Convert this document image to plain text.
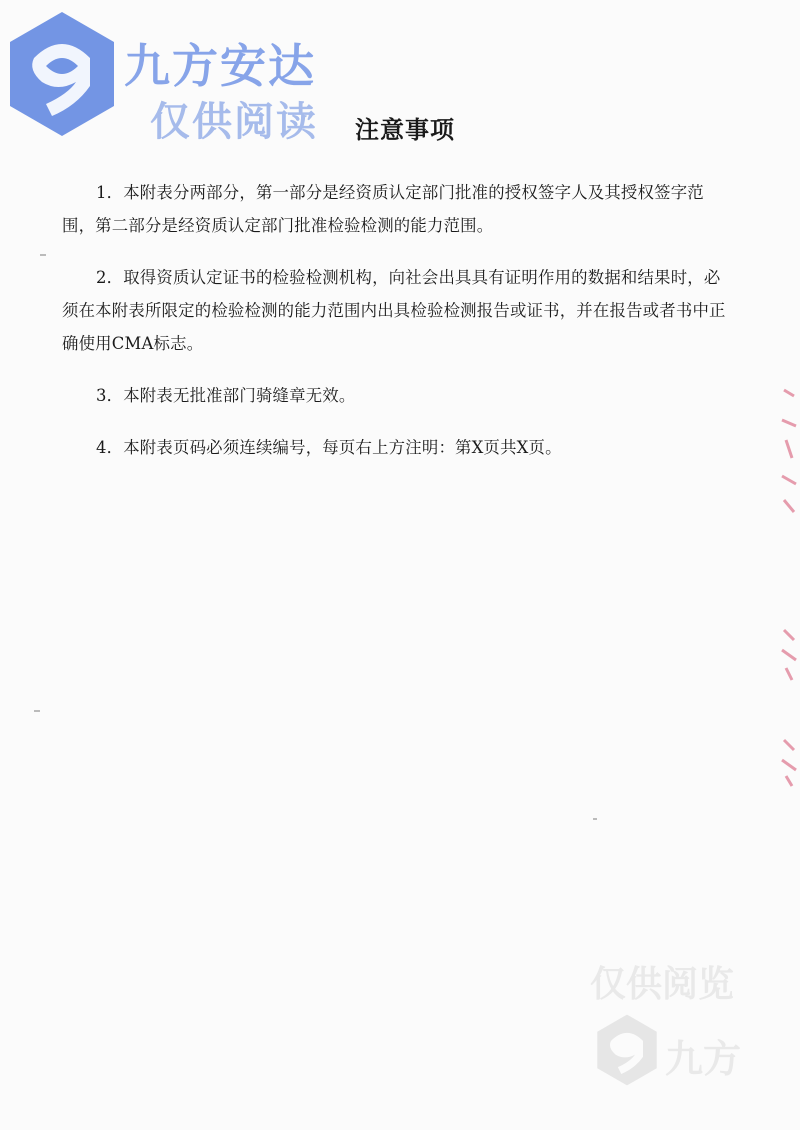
九方安达
仅供阅读	注意事项

1．本附表分两部分，第一部分是经资质认定部门批准的授权签字人及其授权签字范围，第二部分是经资质认定部门批准检验检测的能力范围。

2．取得资质认定证书的检验检测机构，向社会出具具有证明作用的数据和结果时，必须在本附表所限定的检验检测的能力范围内出具检验检测报告或证书，并在报告或者书中正确使用CMA标志。

3．本附表无批准部门骑缝章无效。

4．本附表页码必须连续编号，每页右上方注明：第X页共X页。

仅供阅览
九方
